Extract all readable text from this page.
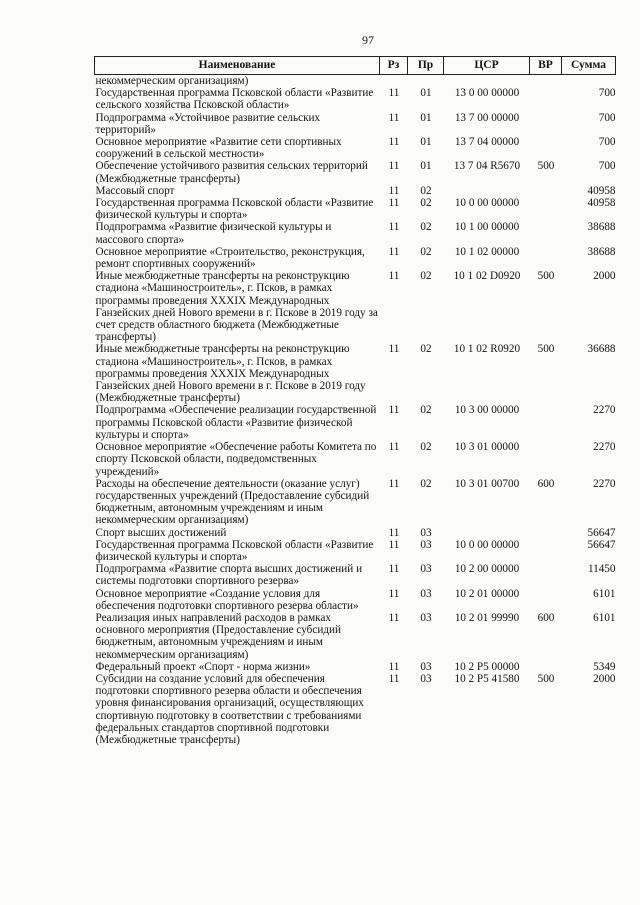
97
Наименование	Рз	Пр	ЦСР	ВР	Сумма
некоммерческим организациям)					
Государственная программа Псковской области «Развитие сельского хозяйства Псковской области»	11	01	13 0 00 00000		700
Подпрограмма «Устойчивое развитие сельских территорий»	11	01	13 7 00 00000		700
Основное мероприятие «Развитие сети спортивных сооружений в сельской местности»	11	01	13 7 04 00000		700
Обеспечение устойчивого развития сельских территорий (Межбюджетные трансферты)	11	01	13 7 04 R5670	500	700
Массовый спорт	11	02			40958
Государственная программа Псковской области «Развитие физической культуры и спорта»	11	02	10 0 00 00000		40958
Подпрограмма «Развитие физической культуры и массового спорта»	11	02	10 1 00 00000		38688
Основное мероприятие «Строительство, реконструкция, ремонт спортивных сооружений»	11	02	10 1 02 00000		38688
Иные межбюджетные трансферты на реконструкцию стадиона «Машиностроитель», г. Псков, в рамках программы проведения XXXIX Международных Ганзейских дней Нового времени в г. Пскове в 2019 году за счет средств областного бюджета (Межбюджетные трансферты)	11	02	10 1 02 D0920	500	2000
Иные межбюджетные трансферты на реконструкцию стадиона «Машиностроитель», г. Псков, в рамках программы проведения XXXIX Международных Ганзейских дней Нового времени в г. Пскове в 2019 году (Межбюджетные трансферты)	11	02	10 1 02 R0920	500	36688
Подпрограмма «Обеспечение реализации государственной программы Псковской области «Развитие физической культуры и спорта»	11	02	10 3 00 00000		2270
Основное мероприятие «Обеспечение работы Комитета по спорту Псковской области, подведомственных учреждений»	11	02	10 3 01 00000		2270
Расходы на обеспечение деятельности (оказание услуг) государственных учреждений (Предоставление субсидий бюджетным, автономным учреждениям и иным некоммерческим организациям)	11	02	10 3 01 00700	600	2270
Спорт высших достижений	11	03			56647
Государственная программа Псковской области «Развитие физической культуры и спорта»	11	03	10 0 00 00000		56647
Подпрограмма «Развитие спорта высших достижений и системы подготовки спортивного резерва»	11	03	10 2 00 00000		11450
Основное мероприятие «Создание условия для обеспечения подготовки спортивного резерва области»	11	03	10 2 01 00000		6101
Реализация иных направлений расходов в рамках основного мероприятия (Предоставление субсидий бюджетным, автономным учреждениям и иным некоммерческим организациям)	11	03	10 2 01 99990	600	6101
Федеральный проект «Спорт - норма жизни»	11	03	10 2 P5 00000		5349
Субсидии на создание условий для обеспечения подготовки спортивного резерва области и обеспечения уровня финансирования организаций, осуществляющих спортивную подготовку в соответствии с требованиями федеральных стандартов спортивной подготовки (Межбюджетные трансферты)	11	03	10 2 P5 41580	500	2000
